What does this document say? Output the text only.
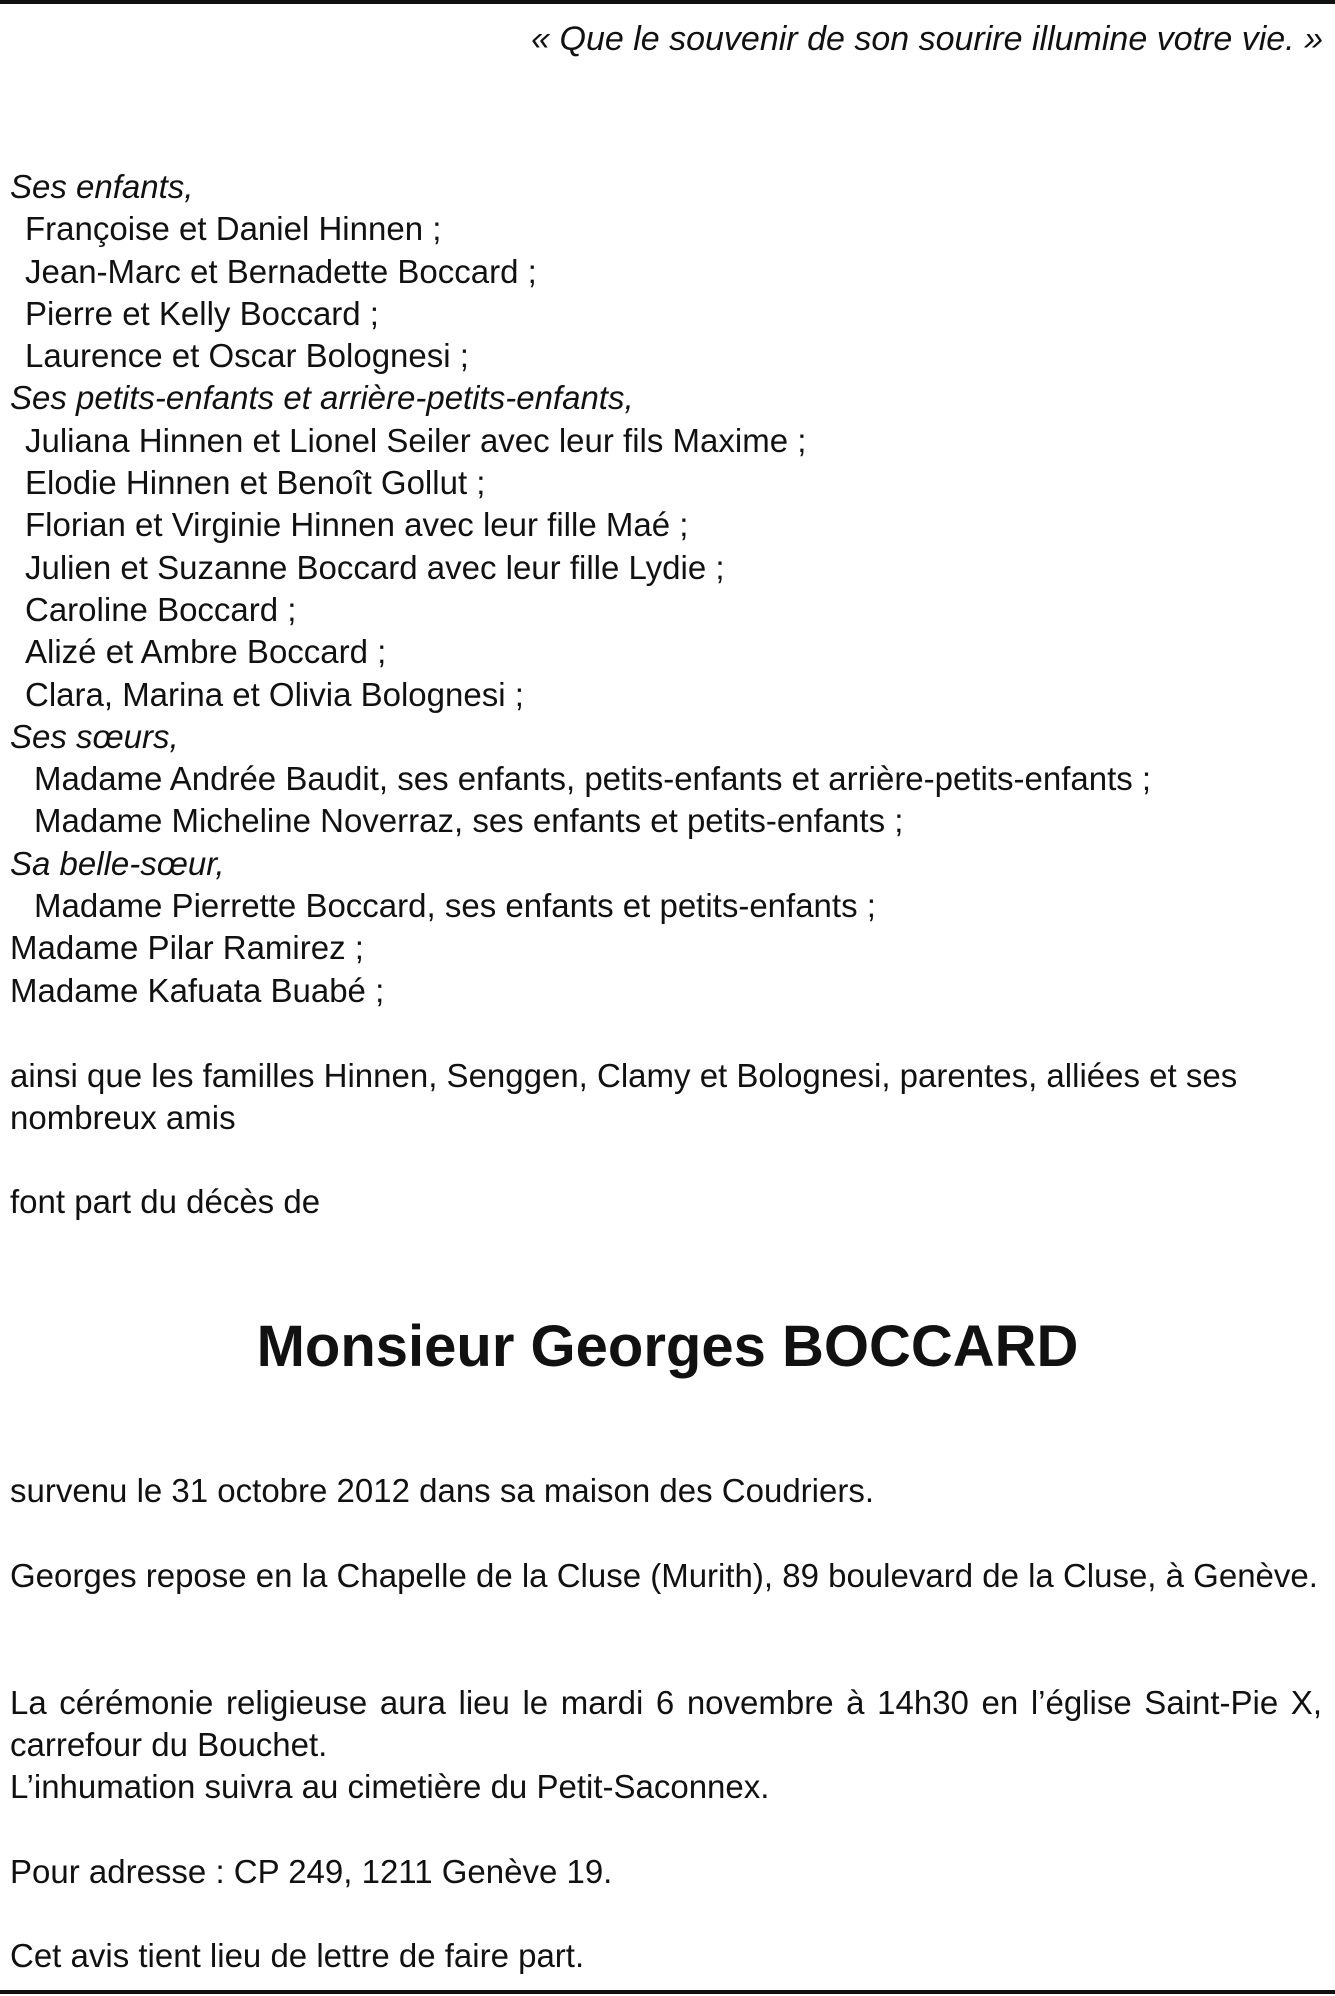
« Que le souvenir de son sourire illumine votre vie. »
Ses enfants,
Françoise et Daniel Hinnen ;
Jean-Marc et Bernadette Boccard ;
Pierre et Kelly Boccard ;
Laurence et Oscar Bolognesi ;
Ses petits-enfants et arrière-petits-enfants,
Juliana Hinnen et Lionel Seiler avec leur fils Maxime ;
Elodie Hinnen et Benoît Gollut ;
Florian et Virginie Hinnen avec leur fille Maé ;
Julien et Suzanne Boccard avec leur fille Lydie ;
Caroline Boccard ;
Alizé et Ambre Boccard ;
Clara, Marina et Olivia Bolognesi ;
Ses sœurs,
Madame Andrée Baudit, ses enfants, petits-enfants et arrière-petits-enfants ;
Madame Micheline Noverraz, ses enfants et petits-enfants ;
Sa belle-sœur,
Madame Pierrette Boccard, ses enfants et petits-enfants ;
Madame Pilar Ramirez ;
Madame Kafuata Buabé ;
ainsi que les familles Hinnen, Senggen, Clamy et Bolognesi, parentes, alliées et ses nombreux amis
font part du décès de
Monsieur Georges BOCCARD
survenu le 31 octobre 2012 dans sa maison des Coudriers.
Georges repose en la Chapelle de la Cluse (Murith), 89 boulevard de la Cluse, à Genève.
La cérémonie religieuse aura lieu le mardi 6 novembre à 14h30 en l’église Saint-Pie X, carrefour du Bouchet.
L’inhumation suivra au cimetière du Petit-Saconnex.
Pour adresse : CP 249, 1211 Genève 19.
Cet avis tient lieu de lettre de faire part.
